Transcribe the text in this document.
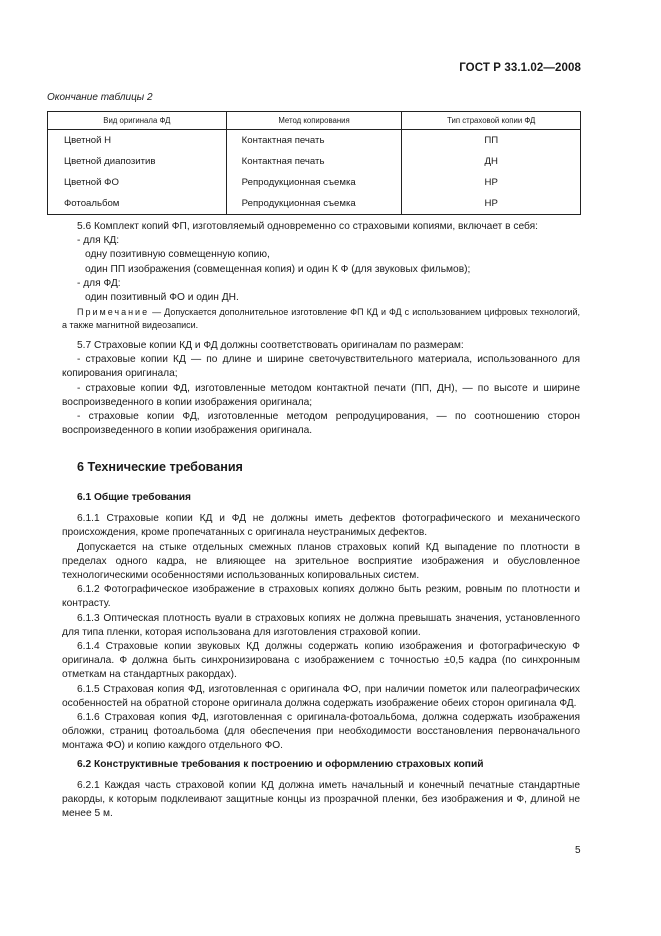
ГОСТ Р 33.1.02—2008
Окончание таблицы 2
Вид оригинала ФД	Метод копирования	Тип страховой копии ФД
Цветной Н	Контактная печать	ПП
Цветной диапозитив	Контактная печать	ДН
Цветной ФО	Репродукционная съемка	НР
Фотоальбом	Репродукционная съемка	НР

5.6 Комплект копий ФП, изготовляемый одновременно со страховыми копиями, включает в себя:

- для КД:

одну позитивную совмещенную копию,

один ПП изображения (совмещенная копия) и один К Ф (для звуковых фильмов);

- для ФД:

один позитивный ФО и один ДН.

Примечание — Допускается дополнительное изготовление ФП КД и ФД с использованием цифровых технологий, а также магнитной видеозаписи.

5.7 Страховые копии КД и ФД должны соответствовать оригиналам по размерам:

- страховые копии КД — по длине и ширине светочувствительного материала, использованного для копирования оригинала;

- страховые копии ФД, изготовленные методом контактной печати (ПП, ДН), — по высоте и ширине воспроизведенного в копии изображения оригинала;

- страховые копии ФД, изготовленные методом репродуцирования, — по соотношению сторон воспроизведенного в копии изображения оригинала.

6 Технические требования

6.1 Общие требования

6.1.1 Страховые копии КД и ФД не должны иметь дефектов фотографического и механического происхождения, кроме пропечатанных с оригинала неустранимых дефектов.

Допускается на стыке отдельных смежных планов страховых копий КД выпадение по плотности в пределах одного кадра, не влияющее на зрительное восприятие изображения и обусловленное технологическими особенностями использованных копировальных систем.

6.1.2 Фотографическое изображение в страховых копиях должно быть резким, ровным по плотности и контрасту.

6.1.3 Оптическая плотность вуали в страховых копиях не должна превышать значения, установленного для типа пленки, которая использована для изготовления страховой копии.

6.1.4 Страховые копии звуковых КД должны содержать копию изображения и фотографическую Ф оригинала. Ф должна быть синхронизирована с изображением с точностью ±0,5 кадра (по синхронным отметкам на стандартных ракордах).

6.1.5 Страховая копия ФД, изготовленная с оригинала ФО, при наличии пометок или палеографических особенностей на обратной стороне оригинала должна содержать изображение обеих сторон оригинала ФД.

6.1.6 Страховая копия ФД, изготовленная с оригинала-фотоальбома, должна содержать изображения обложки, страниц фотоальбома (для обеспечения при необходимости восстановления первоначального монтажа ФО) и копию каждого отдельного ФО.

6.2 Конструктивные требования к построению и оформлению страховых копий

6.2.1 Каждая часть страховой копии КД должна иметь начальный и конечный печатные стандартные ракорды, к которым подклеивают защитные концы из прозрачной пленки, без изображения и Ф, длиной не менее 5 м.

5
